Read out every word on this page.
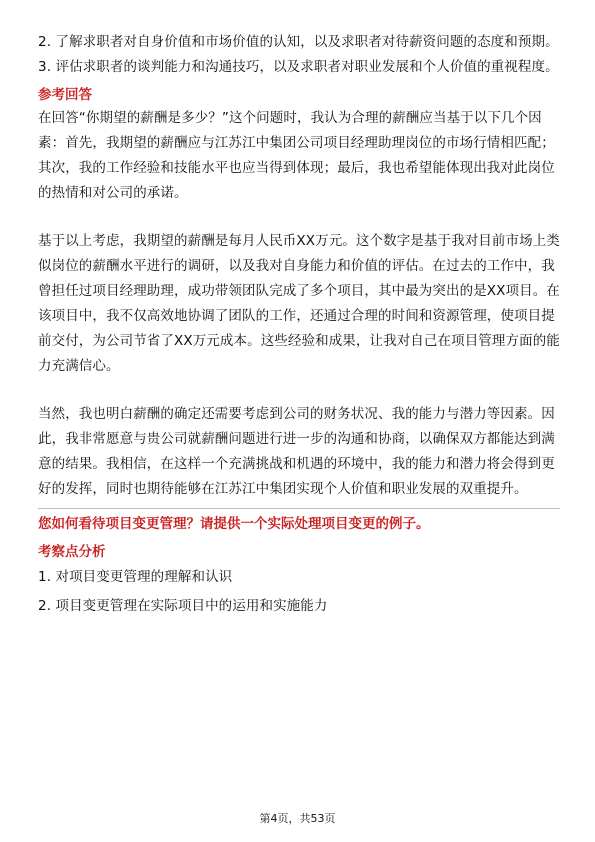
2. 了解求职者对自身价值和市场价值的认知，以及求职者对待薪资问题的态度和预期。

3. 评估求职者的谈判能力和沟通技巧，以及求职者对职业发展和个人价值的重视程度。

参考回答

在回答“你期望的薪酬是多少？”这个问题时，我认为合理的薪酬应当基于以下几个因素：首先，我期望的薪酬应与江苏江中集团公司项目经理助理岗位的市场行情相匹配；其次，我的工作经验和技能水平也应当得到体现；最后，我也希望能体现出我对此岗位的热情和对公司的承诺。

基于以上考虑，我期望的薪酬是每月人民币XX万元。这个数字是基于我对目前市场上类似岗位的薪酬水平进行的调研，以及我对自身能力和价值的评估。在过去的工作中，我曾担任过项目经理助理，成功带领团队完成了多个项目，其中最为突出的是XX项目。在该项目中，我不仅高效地协调了团队的工作，还通过合理的时间和资源管理，使项目提前交付，为公司节省了XX万元成本。这些经验和成果，让我对自己在项目管理方面的能力充满信心。

当然，我也明白薪酬的确定还需要考虑到公司的财务状况、我的能力与潜力等因素。因此，我非常愿意与贵公司就薪酬问题进行进一步的沟通和协商，以确保双方都能达到满意的结果。我相信，在这样一个充满挑战和机遇的环境中，我的能力和潜力将会得到更好的发挥，同时也期待能够在江苏江中集团实现个人价值和职业发展的双重提升。

您如何看待项目变更管理？请提供一个实际处理项目变更的例子。

考察点分析

1. 对项目变更管理的理解和认识

2. 项目变更管理在实际项目中的运用和实施能力

第4页，共53页
